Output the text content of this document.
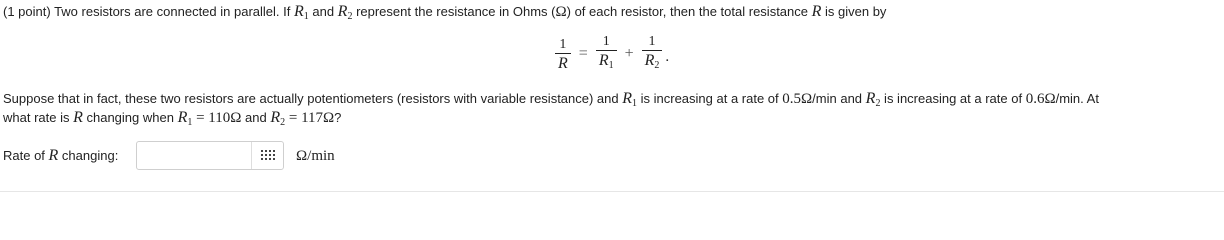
(1 point) Two resistors are connected in parallel. If $R_1$ and $R_2$ represent the resistance in Ohms (Ω) of each resistor, then the total resistance R is given by
$\frac{1}{R} = \frac{1}{R_1} + \frac{1}{R_2}$ .
Suppose that in fact, these two resistors are actually potentiometers (resistors with variable resistance) and $R_1$ is increasing at a rate of 0.5Ω/min and $R_2$ is increasing at a rate of 0.6Ω/min. At
what rate is R changing when $R_1 = 110\Omega$ and $R_2 = 117\Omega$?
Rate of R changing:	Ω/min
